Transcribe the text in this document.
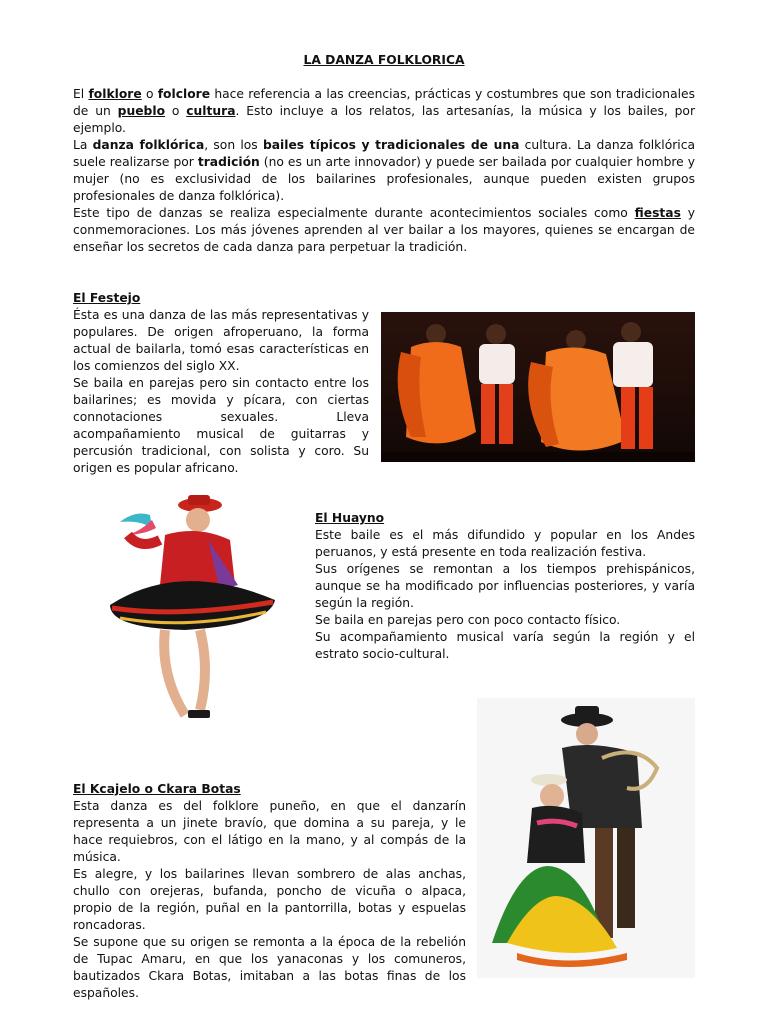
LA DANZA FOLKLORICA

El folklore o folclore hace referencia a las creencias, prácticas y costumbres que son tradicionales de un pueblo o cultura. Esto incluye a los relatos, las artesanías, la música y los bailes, por ejemplo.

La danza folklórica, son los bailes típicos y tradicionales de una cultura. La danza folklórica suele realizarse por tradición (no es un arte innovador) y puede ser bailada por cualquier hombre y mujer (no es exclusividad de los bailarines profesionales, aunque pueden existen grupos profesionales de danza folklórica).

Este tipo de danzas se realiza especialmente durante acontecimientos sociales como fiestas y conmemoraciones. Los más jóvenes aprenden al ver bailar a los mayores, quienes se encargan de enseñar los secretos de cada danza para perpetuar la tradición.

El Festejo

Ésta es una danza de las más representativas y populares. De origen afroperuano, la forma actual de bailarla, tomó esas características en los comienzos del siglo XX.

Se baila en parejas pero sin contacto entre los bailarines; es movida y pícara, con ciertas connotaciones sexuales. Lleva acompañamiento musical de guitarras y percusión tradicional, con solista y coro. Su origen es popular africano.

El Huayno

Este baile es el más difundido y popular en los Andes peruanos, y está presente en toda realización festiva.

Sus orígenes se remontan a los tiempos prehispánicos, aunque se ha modificado por influencias posteriores, y varía según la región.

Se baila en parejas pero con poco contacto físico.

Su acompañamiento musical varía según la región y el estrato socio-cultural.

El Kcajelo o Ckara Botas

Esta danza es del folklore puneño, en que el danzarín representa a un jinete bravío, que domina a su pareja, y le hace requiebros, con el látigo en la mano, y al compás de la música.

Es alegre, y los bailarines llevan sombrero de alas anchas, chullo con orejeras, bufanda, poncho de vicuña o alpaca, propio de la región, puñal en la pantorrilla, botas y espuelas roncadoras.

Se supone que su origen se remonta a la época de la rebelión de Tupac Amaru, en que los yanaconas y los comuneros, bautizados Ckara Botas, imitaban a las botas finas de los españoles.
